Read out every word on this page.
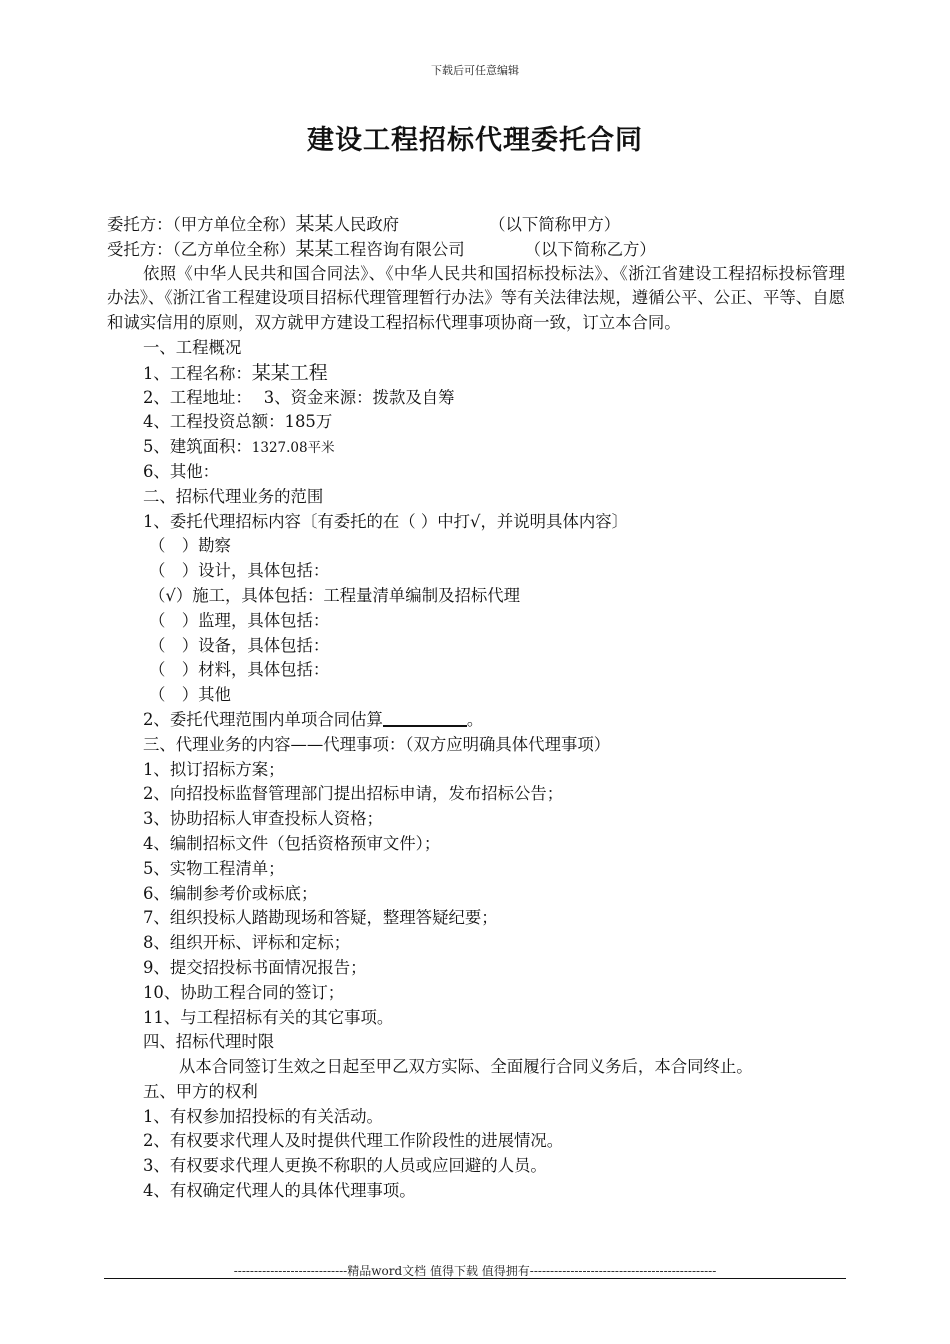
下载后可任意编辑
建设工程招标代理委托合同
委托方：（甲方单位全称）某某人民政府	（以下简称甲方）
受托方：（乙方单位全称）某某工程咨询有限公司	（以下简称乙方）
依照《中华人民共和国合同法》、《中华人民共和国招标投标法》、《浙江省建设工程招标投标管理办法》、《浙江省工程建设项目招标代理管理暂行办法》等有关法律法规，遵循公平、公正、平等、自愿和诚实信用的原则，双方就甲方建设工程招标代理事项协商一致，订立本合同。
一、工程概况
1、工程名称：某某工程
2、工程地址： 3、资金来源：拨款及自筹
4、工程投资总额：185万
5、建筑面积：1327.08平米
6、其他：
二、招标代理业务的范围
1、委托代理招标内容〔有委托的在（ ）中打√，并说明具体内容〕
（　）勘察
（　）设计，具体包括：
（√）施工，具体包括：工程量清单编制及招标代理
（　）监理，具体包括：
（　）设备，具体包括：
（　）材料，具体包括：
（　）其他
2、委托代理范围内单项合同估算	。
三、代理业务的内容——代理事项：（双方应明确具体代理事项）
1、拟订招标方案；
2、向招投标监督管理部门提出招标申请，发布招标公告；
3、协助招标人审查投标人资格；
4、编制招标文件（包括资格预审文件）；
5、实物工程清单；
6、编制参考价或标底；
7、组织投标人踏勘现场和答疑，整理答疑纪要；
8、组织开标、评标和定标；
9、提交招投标书面情况报告；
10、协助工程合同的签订；
11、与工程招标有关的其它事项。
四、招标代理时限
从本合同签订生效之日起至甲乙双方实际、全面履行合同义务后，本合同终止。
五、甲方的权利
1、有权参加招投标的有关活动。
2、有权要求代理人及时提供代理工作阶段性的进展情况。
3、有权要求代理人更换不称职的人员或应回避的人员。
4、有权确定代理人的具体代理事项。
----------------------------精品word文档 值得下载 值得拥有----------------------------------------------
